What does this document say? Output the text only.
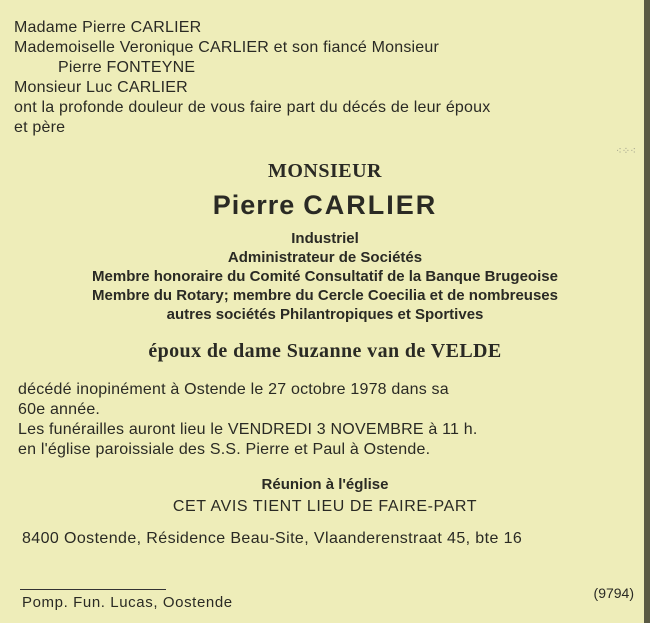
Madame Pierre CARLIER
Mademoiselle Veronique CARLIER et son fiancé Monsieur
Pierre FONTEYNE
Monsieur Luc CARLIER
ont la profonde douleur de vous faire part du décés de leur époux
et père
⁖⁘⁖
MONSIEUR
Pierre CARLIER
Industriel
Administrateur de Sociétés
Membre honoraire du Comité Consultatif de la Banque Brugeoise
Membre du Rotary; membre du Cercle Coecilia et de nombreuses
autres sociétés Philantropiques et Sportives
époux de dame Suzanne van de VELDE
décédé inopinément à Ostende le 27 octobre 1978 dans sa
60e année.
Les funérailles auront lieu le VENDREDI 3 NOVEMBRE à 11 h.
en l'église paroissiale des S.S. Pierre et Paul à Ostende.
Réunion à l'église
CET AVIS TIENT LIEU DE FAIRE-PART
8400 Oostende, Résidence Beau-Site, Vlaanderenstraat 45, bte 16
Pomp. Fun. Lucas, Oostende
(9794)
